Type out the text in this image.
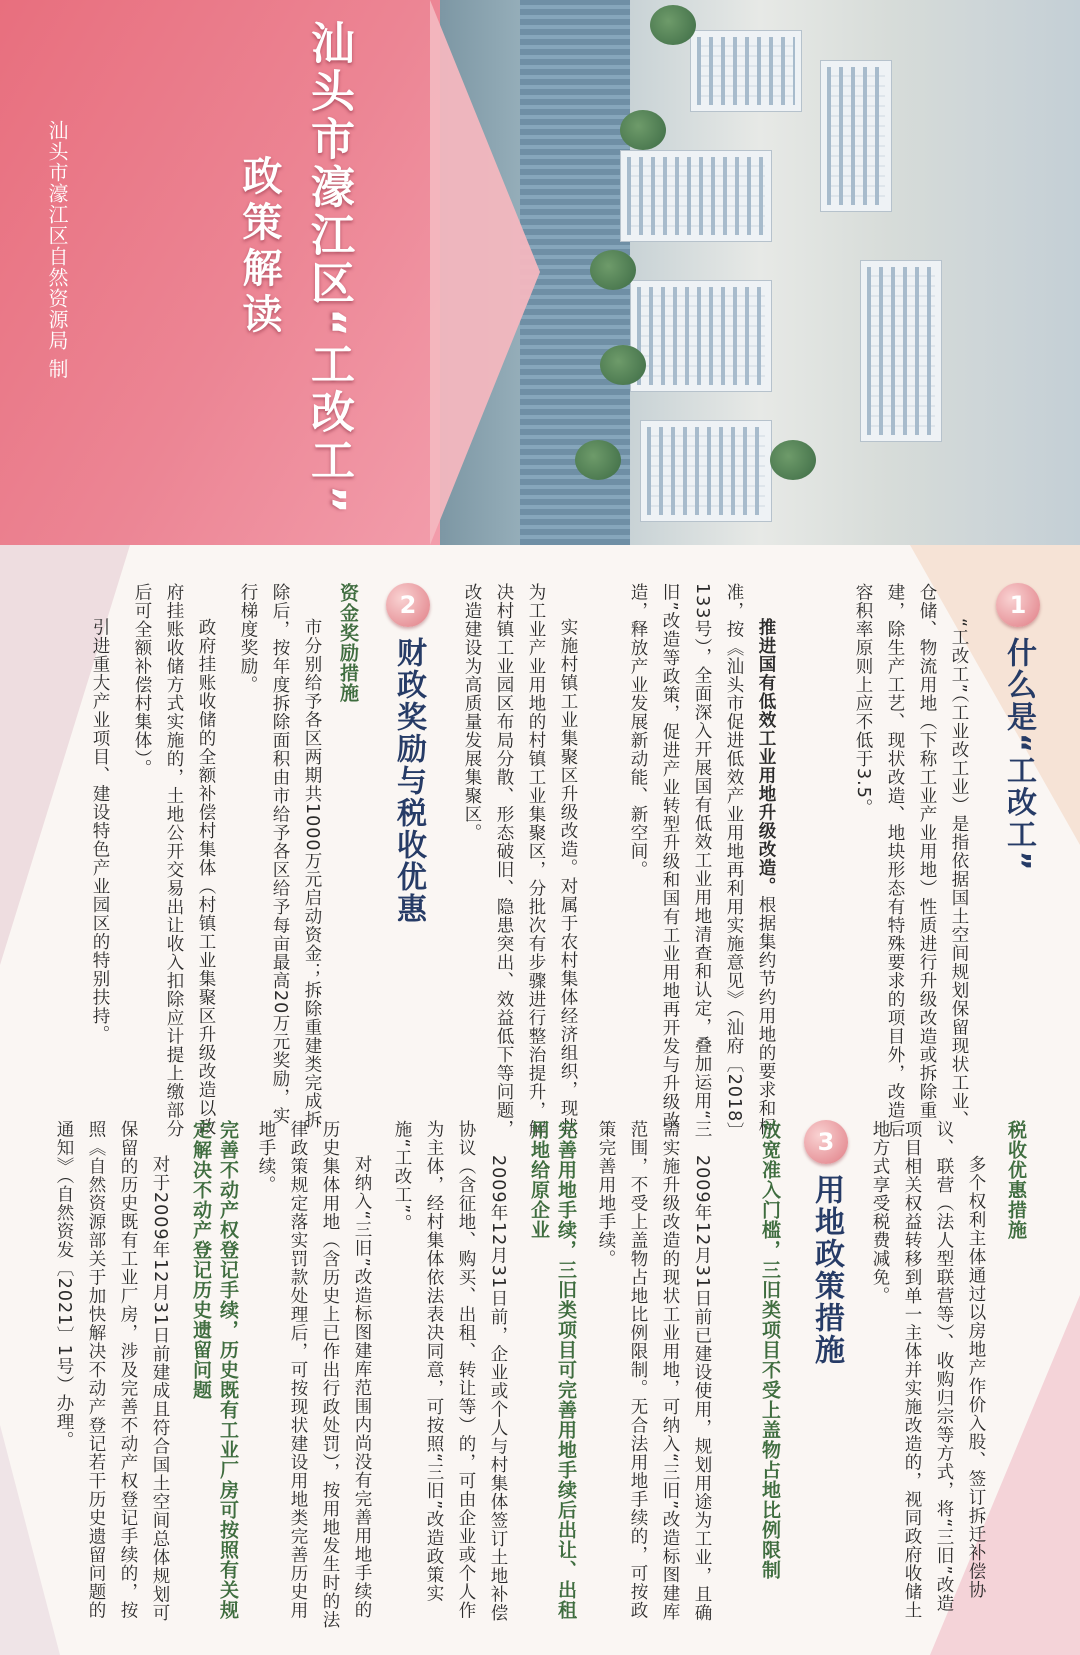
汕头市濠江区“工改工”
政策解读
汕头市濠江区自然资源局 制
1什么是“工改工”
“工改工”（工业改工业）是指依据国土空间规划保留现状工业、仓储、物流用地（下称工业产业用地）性质进行升级改造或拆除重建，除生产工艺、现状改造、地块形态有特殊要求的项目外，改造后容积率原则上应不低于3.5。
推进国有低效工业用地升级改造。根据集约节约用地的要求和标准，按《汕头市促进低效产业用地再利用实施意见》（汕府〔2018〕133号），全面深入开展国有低效工业用地清查和认定，叠加运用“三旧”改造等政策，促进产业转型升级和国有工业用地再开发与升级改造，释放产业发展新动能、新空间。
实施村镇工业集聚区升级改造。对属于农村集体经济组织，现状为工业产业用地的村镇工业集聚区，分批次有步骤进行整治提升，解决村镇工业园区布局分散、形态破旧、隐患突出、效益低下等问题，改造建设为高质量发展集聚区。
2财政奖励与税收优惠
资金奖励措施
市分别给予各区两期共1000万元启动资金；拆除重建类完成拆除后，按年度拆除面积由市给予各区给予每亩最高20万元奖励，实行梯度奖励。
政府挂账收储的全额补偿村集体（村镇工业集聚区升级改造以政府挂账收储方式实施的，土地公开交易出让收入扣除应计提上缴部分后可全额补偿村集体）。
引进重大产业项目、建设特色产业园区的特别扶持。
税收优惠措施
多个权利主体通过以房地产作价入股、签订拆迁补偿协议、联营（法人型联营等）、收购归宗等方式，将“三旧”改造项目相关权益转移到单一主体并实施改造的，视同政府收储土地方式享受税费减免。
3用地政策措施
放宽准入门槛，三旧类项目不受上盖物占地比例限制
2009年12月31日前已建设使用，规划用途为工业，且确需实施升级改造的现状工业用地，可纳入“三旧”改造标图建库范围，不受上盖物占地比例限制。无合法用地手续的，可按政策完善用地手续。
完善用地手续，三旧类项目可完善用地手续后出让、出租用地给原企业
2009年12月31日前，企业或个人与村集体签订土地补偿协议（含征地、购买、出租、转让等）的，可由企业或个人作为主体，经村集体依法表决同意，可按照“三旧”改造政策实施“工改工”。
对纳入“三旧”改造标图建库范围内尚没有完善用地手续的历史集体用地（含历史上已作出行政处罚），按用地发生时的法律政策规定落实罚款处理后，可按现状建设用地类完善历史用地手续。
完善不动产权登记手续，历史既有工业厂房可按照有关规定解决不动产登记历史遗留问题
对于2009年12月31日前建成且符合国土空间总体规划可保留的历史既有工业厂房，涉及完善不动产权登记手续的，按照《自然资源部关于加快解决不动产登记若干历史遗留问题的通知》（自然资发〔2021〕1号）办理。
